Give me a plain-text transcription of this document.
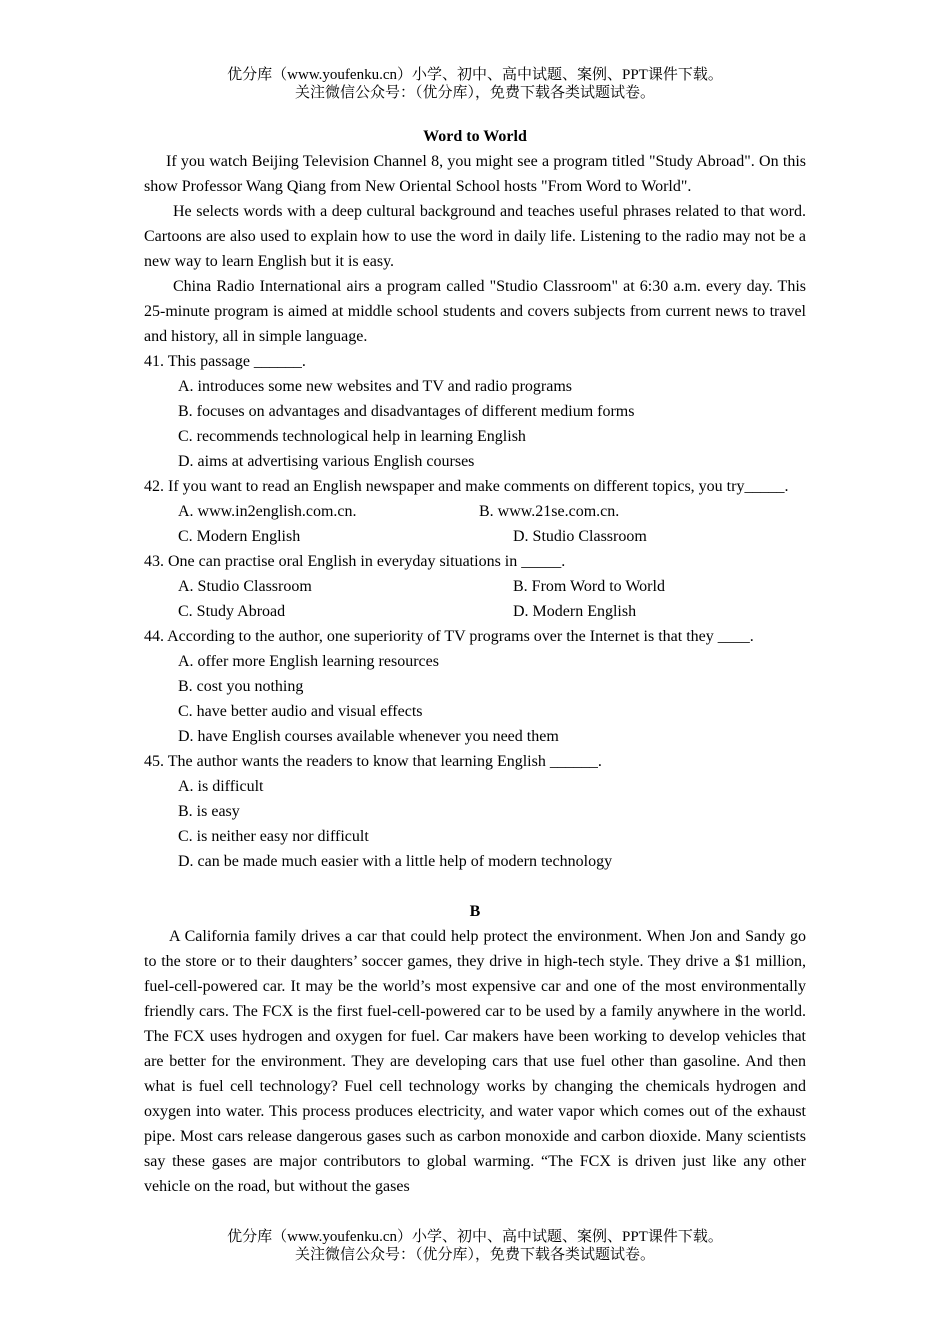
优分库（www.youfenku.cn）小学、初中、高中试题、案例、PPT课件下载。
关注微信公众号：（优分库），免费下载各类试题试卷。

Word to World

If you watch Beijing Television Channel 8, you might see a program titled "Study Abroad". On this show Professor Wang Qiang from New Oriental School hosts "From Word to World".

He selects words with a deep cultural background and teaches useful phrases related to that word. Cartoons are also used to explain how to use the word in daily life. Listening to the radio may not be a new way to learn English but it is easy.

China Radio International airs a program called "Studio Classroom" at 6:30 a.m. every day. This 25-minute program is aimed at middle school students and covers subjects from current news to travel and history, all in simple language.

41. This passage ______.

A. introduces some new websites and TV and radio programs

B. focuses on advantages and disadvantages of different medium forms

C. recommends technological help in learning English

D. aims at advertising various English courses

42. If you want to read an English newspaper and make comments on different topics, you try_____.

A. www.in2english.com.cn.	B. www.21se.com.cn.
C. Modern English	D. Studio Classroom

43. One can practise oral English in everyday situations in _____.

A. Studio Classroom	B. From Word to World
C. Study Abroad	D. Modern English

44. According to the author, one superiority of TV programs over the Internet is that they ____.

A. offer more English learning resources

B. cost you nothing

C. have better audio and visual effects

D. have English courses available whenever you need them

45. The author wants the readers to know that learning English ______.

A. is difficult

B. is easy

C. is neither easy nor difficult

D. can be made much easier with a little help of modern technology

B

A California family drives a car that could help protect the environment. When Jon and Sandy go to the store or to their daughters’ soccer games, they drive in high-tech style. They drive a $1 million, fuel-cell-powered car. It may be the world’s most expensive car and one of the most environmentally friendly cars. The FCX is the first fuel-cell-powered car to be used by a family anywhere in the world. The FCX uses hydrogen and oxygen for fuel. Car makers have been working to develop vehicles that are better for the environment. They are developing cars that use fuel other than gasoline. And then what is fuel cell technology? Fuel cell technology works by changing the chemicals hydrogen and oxygen into water. This process produces electricity, and water vapor which comes out of the exhaust pipe. Most cars release dangerous gases such as carbon monoxide and carbon dioxide. Many scientists say these gases are major contributors to global warming. “The FCX is driven just like any other vehicle on the road, but without the gases

优分库（www.youfenku.cn）小学、初中、高中试题、案例、PPT课件下载。
关注微信公众号：（优分库），免费下载各类试题试卷。
